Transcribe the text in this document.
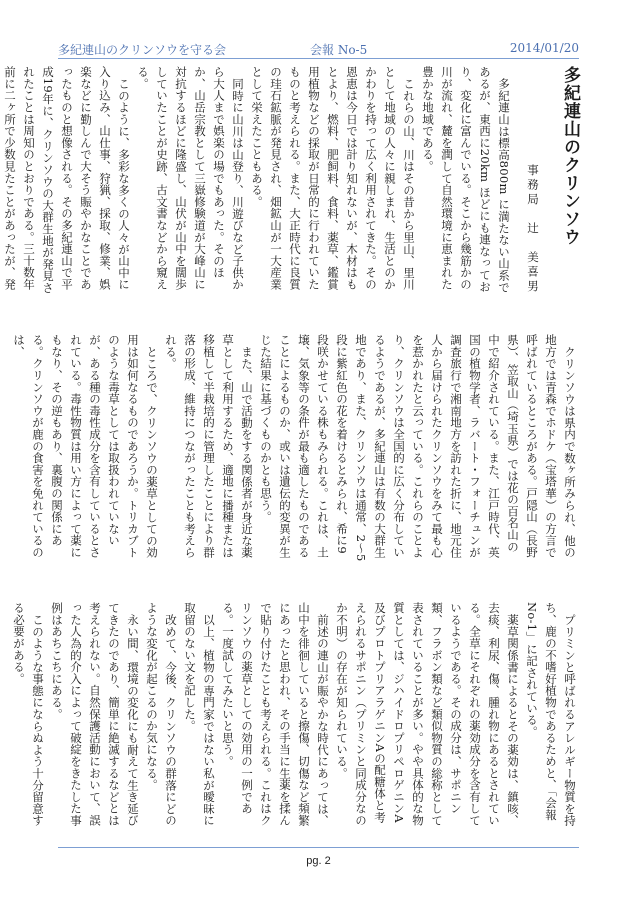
多紀連山のクリンソウを守る会	会報 No-5	2014/01/20

多紀連山のクリンソウ

事務局　辻　美喜男

多紀連山は標高800m に満たない山系であるが、東西に20km ほどにも連なっており、変化に富んでいる。そこから幾筋かの川が流れ、麓を潤して自然環境に恵まれた豊かな地域である。

これらの山、川はその昔から里山、里川として地域の人々に親しまれ、生活とのかかわりを持って広く利用されてきた。その恩恵は今日では計り知れないが、木材はもとより、燃料、肥飼料、食料、薬草、鑑賞用植物などの採取が日常的に行われていたものと考えられる。また、大正時代に良質の珪石鉱脈が発見され、畑鉱山が一大産業として栄えたこともある。

同時に山川は山登り、川遊びなど子供から大人まで娯楽の場でもあった。そのほか、山岳宗教として三嶽修験道が大峰山に対抗するほどに隆盛し、山伏が山中を闊歩していたことが史跡、古文書などから窺える。

このように、多彩な多くの人々が山中に入り込み、山仕事、狩猟、採取、修業、娯楽などに勤しんで大そう賑やかなことであったものと想像される。その多紀連山で平成19年に、クリンソウの大群生地が発見されたことは周知のとおりである。三十数年前に二ヶ所で少数見たことがあったが、発

クリンソウは県内で数ヶ所みられ、他の地方では青森でホドケ（宝塔華）の方言で呼ばれているところがある。戸隠山（長野県）、笠取山（埼玉県）では花の百名山の中で紹介されている。また、江戸時代、英国の植物学者、ラバート・フォーチュンが調査旅行で湘南地方を訪れた折に、地元住人から届けられたクリンソウをみて最も心を惹かれたと云っている。これらのことより、クリンソウは全国的に広く分布しているようであるが、多紀連山は有数の大群生地であり、また、クリンソウは通常、2～5段に紫紅色の花を着けるとみられ、希に9段咲かせている株もみられる。これは、土壌、気象等の条件が最も適したものであることによるものか、或いは遺伝的変異が生じた結果に基づくものかとも思う。

また、山で活動をする関係者が身近な薬草として利用するため、適地に播種または移植して半栽培的に管理したことにより群落の形成、維持につながったことも考えられる。

ところで、クリンソウの薬草としての効用は如何なるものであろうか。トリカブトのような毒草としては取扱われていないが、ある種の毒性成分を含有しているとされている。毒性物質は用い方によって薬にもなり、その逆もあり、裏腹の関係にある。クリンソウが鹿の食害を免れているのは、

プリミンと呼ばれるアレルギー物質を持ち、鹿の不嗜好植物であるためと、「会報 No-1」に記されている。

薬草関係書によるとその薬効は、鎮咳、去痰、利尿、傷、腫れ物にあるとされている。全草にそれぞれの薬効成分を含有しているようである。その成分は、サポニン類、フラボン類など類似物質の総称として表されていることが多い。やや具体的な物質としては、ジハイドロプリペロゲニンA及びプロトプリアラゲニンAの配糖体と考えられるサポニン（プリミンと同成分なのか不明）の存在が知られている。

前述の連山が賑やかな時代にあっては、山中を徘徊していると擦傷、切傷など頻繁にあったと思われ、その手当に生薬を揉んで貼り付けたことも考えられる。これはクリンソウの薬草としての効用の一例である。一度試してみたいと思う。

以上、植物の専門家ではない私が曖昧に取留のない文を記した。

改めて、今後、クリンソウの群落にどのような変化が起こるのか気になる。

永い間、環境の変化にも耐えて生き延びてきたのであり、簡単に絶滅するなどとは考えられない。自然保護活動において、誤った人為的介入によって破綻をきたした事例はあちこちにある。

このような事態にならぬよう十分留意する必要がある。

pg. 2
